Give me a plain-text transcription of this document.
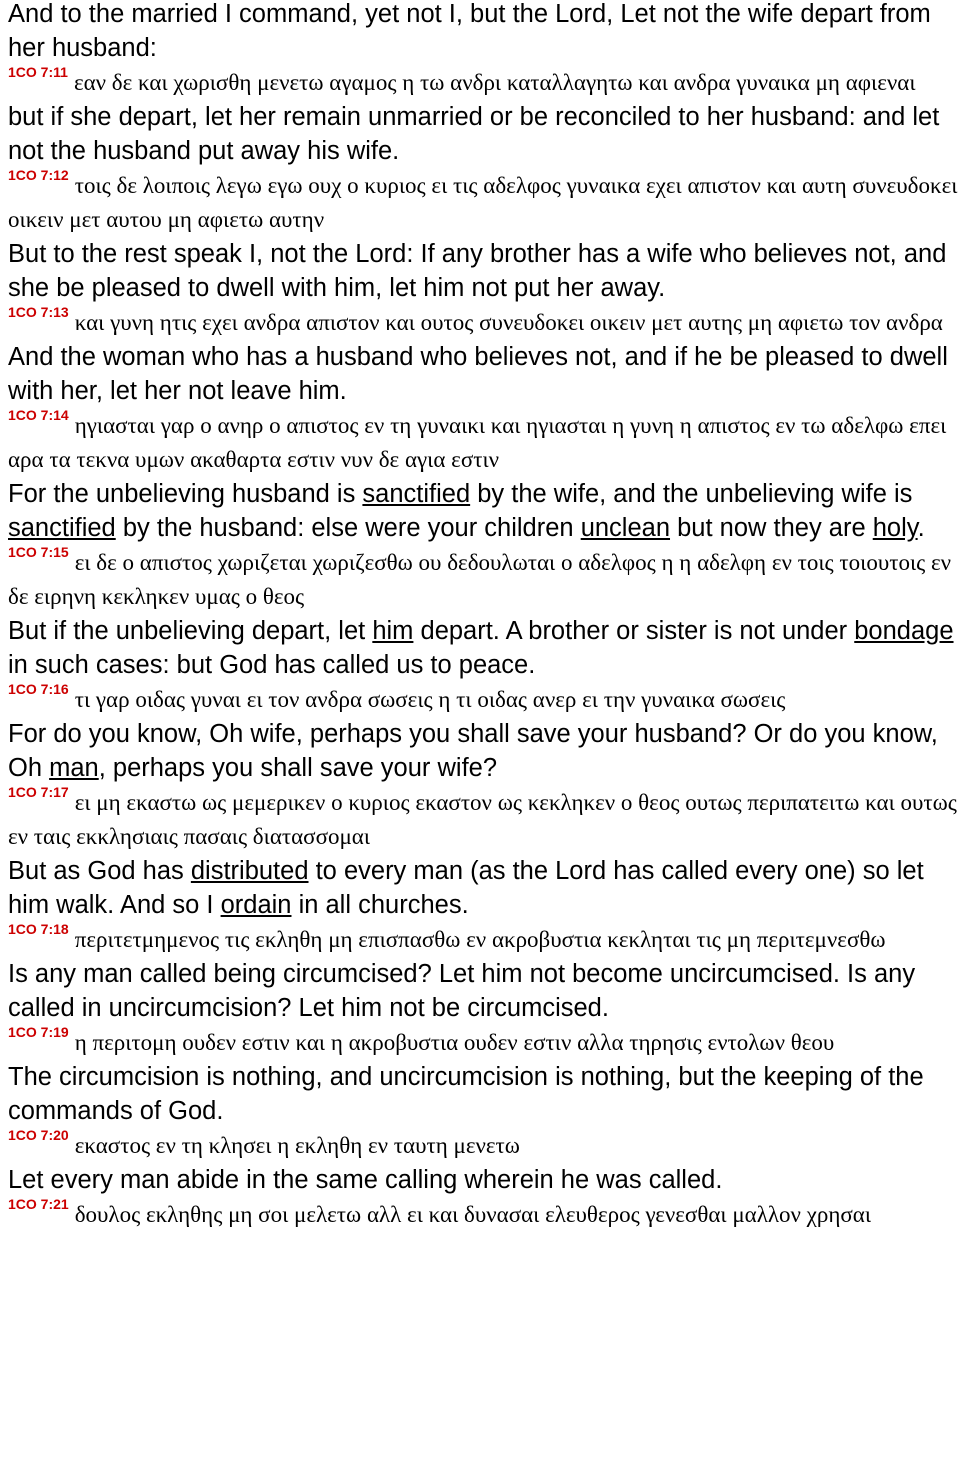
And to the married I command, yet not I, but the Lord, Let not the wife depart from her husband:

$^{1CO 7:11}$ εαν δε και χωρισθη μενετω αγαμος η τω ανδρι καταλλαγητω και ανδρα γυναικα μη αφιεναι

but if she depart, let her remain unmarried or be reconciled to her husband: and let not the husband put away his wife.

$^{1CO 7:12}$ τοις δε λοιποις λεγω εγω ουχ ο κυριος ει τις αδελφος γυναικα εχει απιστον και αυτη συνευδοκει οικειν μετ αυτου μη αφιετω αυτην

But to the rest speak I, not the Lord: If any brother has a wife who believes not, and she be pleased to dwell with him, let him not put her away.

$^{1CO 7:13}$ και γυνη ητις εχει ανδρα απιστον και ουτος συνευδοκει οικειν μετ αυτης μη αφιετω τον ανδρα

And the woman who has a husband who believes not, and if he be pleased to dwell with her, let her not leave him.

$^{1CO 7:14}$ ηγιασται γαρ ο ανηρ ο απιστος εν τη γυναικι και ηγιασται η γυνη η απιστος εν τω αδελφω επει αρα τα τεκνα υμων ακαθαρτα εστιν νυν δε αγια εστιν

For the unbelieving husband is sanctified by the wife, and the unbelieving wife is sanctified by the husband: else were your children unclean but now they are holy.

$^{1CO 7:15}$ ει δε ο απιστος χωριζεται χωριζεσθω ου δεδουλωται ο αδελφος η η αδελφη εν τοις τοιουτοις εν δε ειρηνη κεκληκεν υμας ο θεος

But if the unbelieving depart, let him depart. A brother or sister is not under bondage in such cases: but God has called us to peace.

$^{1CO 7:16}$ τι γαρ οιδας γυναι ει τον ανδρα σωσεις η τι οιδας ανερ ει την γυναικα σωσεις

For do you know, Oh wife, perhaps you shall save your husband? Or do you know, Oh man, perhaps you shall save your wife?

$^{1CO 7:17}$ ει μη εκαστω ως μεμερικεν ο κυριος εκαστον ως κεκληκεν ο θεος ουτως περιπατειτω και ουτως εν ταις εκκλησιαις πασαις διατασσομαι

But as God has distributed to every man (as the Lord has called every one) so let him walk. And so I ordain in all churches.

$^{1CO 7:18}$ περιτετμημενος τις εκληθη μη επισπασθω εν ακροβυστια κεκληται τις μη περιτεμνεσθω

Is any man called being circumcised? Let him not become uncircumcised. Is any called in uncircumcision? Let him not be circumcised.

$^{1CO 7:19}$ η περιτομη ουδεν εστιν και η ακροβυστια ουδεν εστιν αλλα τηρησις εντολων θεου

The circumcision is nothing, and uncircumcision is nothing, but the keeping of the commands of God.

$^{1CO 7:20}$ εκαστος εν τη κλησει η εκληθη εν ταυτη μενετω

Let every man abide in the same calling wherein he was called.

$^{1CO 7:21}$ δουλος εκληθης μη σοι μελετω αλλ ει και δυνασαι ελευθερος γενεσθαι μαλλον χρησαι
